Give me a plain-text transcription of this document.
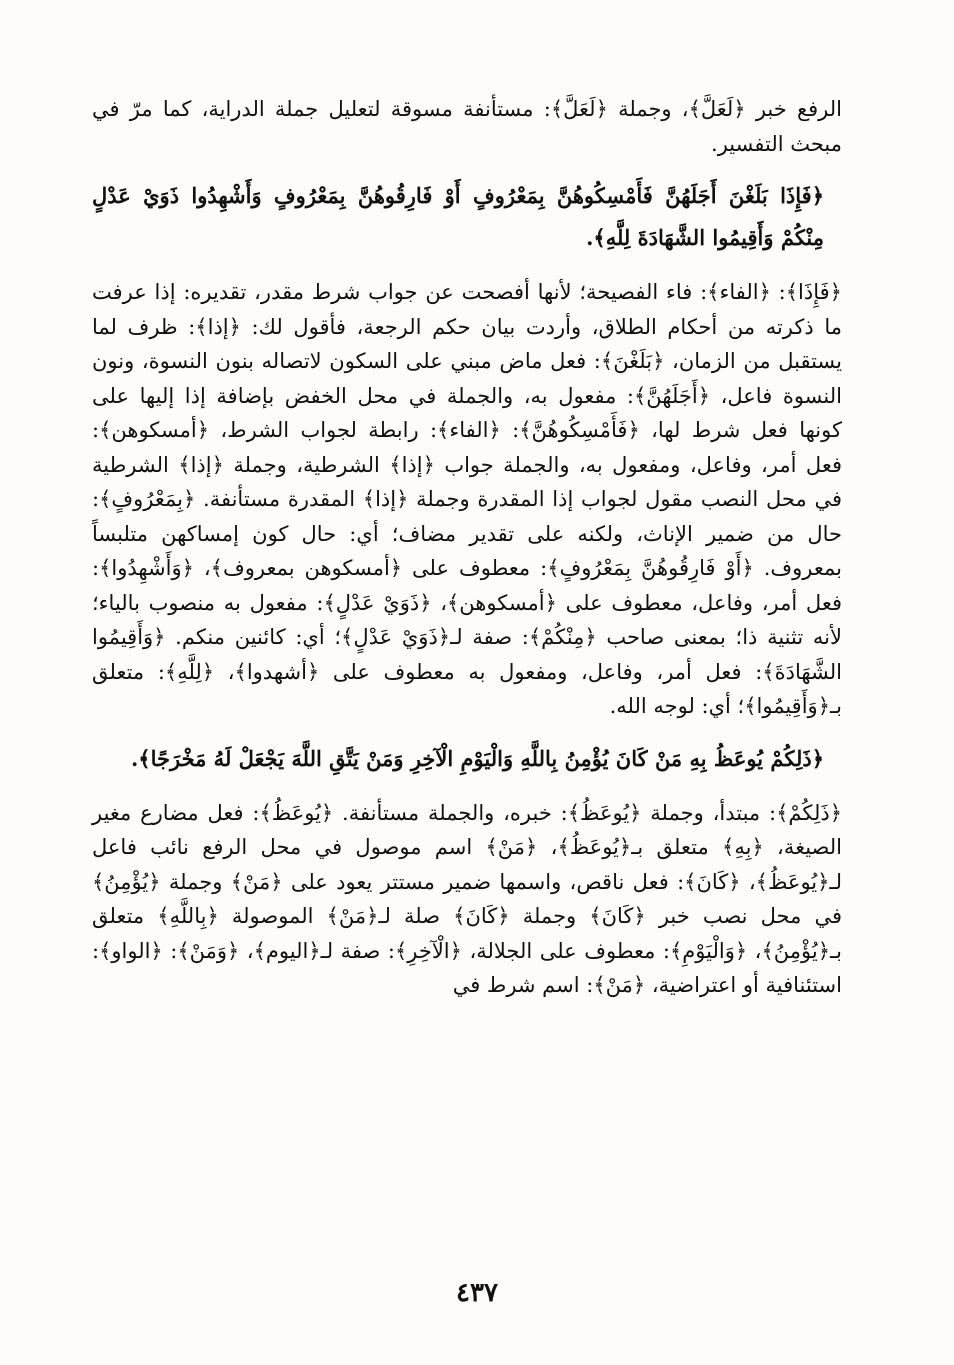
الرفع خبر ﴿لَعَلَّ﴾، وجملة ﴿لَعَلَّ﴾: مستأنفة مسوقة لتعليل جملة الدراية، كما مرّ في مبحث التفسير.

﴿فَإِذَا بَلَغْنَ أَجَلَهُنَّ فَأَمْسِكُوهُنَّ بِمَعْرُوفٍ أَوْ فَارِقُوهُنَّ بِمَعْرُوفٍ وَأَشْهِدُوا ذَوَيْ عَدْلٍ مِنْكُمْ وَأَقِيمُوا الشَّهَادَةَ لِلَّهِ﴾.

﴿فَإِذَا﴾: ﴿الفاء﴾: فاء الفصيحة؛ لأنها أفصحت عن جواب شرط مقدر، تقديره: إذا عرفت ما ذكرته من أحكام الطلاق، وأردت بيان حكم الرجعة، فأقول لك: ﴿إذا﴾: ظرف لما يستقبل من الزمان، ﴿بَلَغْنَ﴾: فعل ماض مبني على السكون لاتصاله بنون النسوة، ونون النسوة فاعل، ﴿أَجَلَهُنَّ﴾: مفعول به، والجملة في محل الخفض بإضافة إذا إليها على كونها فعل شرط لها، ﴿فَأَمْسِكُوهُنَّ﴾: ﴿الفاء﴾: رابطة لجواب الشرط، ﴿أمسكوهن﴾: فعل أمر، وفاعل، ومفعول به، والجملة جواب ﴿إذا﴾ الشرطية، وجملة ﴿إذا﴾ الشرطية في محل النصب مقول لجواب إذا المقدرة وجملة ﴿إذا﴾ المقدرة مستأنفة. ﴿بِمَعْرُوفٍ﴾: حال من ضمير الإناث، ولكنه على تقدير مضاف؛ أي: حال كون إمساكهن متلبساً بمعروف. ﴿أَوْ فَارِقُوهُنَّ بِمَعْرُوفٍ﴾: معطوف على ﴿أمسكوهن بمعروف﴾، ﴿وَأَشْهِدُوا﴾: فعل أمر، وفاعل، معطوف على ﴿أمسكوهن﴾، ﴿ذَوَيْ عَدْلٍ﴾: مفعول به منصوب بالياء؛ لأنه تثنية ذا؛ بمعنى صاحب ﴿مِنْكُمْ﴾: صفة لـ﴿ذَوَيْ عَدْلٍ﴾؛ أي: كائنين منكم. ﴿وَأَقِيمُوا الشَّهَادَةَ﴾: فعل أمر، وفاعل، ومفعول به معطوف على ﴿أشهدوا﴾، ﴿لِلَّهِ﴾: متعلق بـ﴿وَأَقِيمُوا﴾؛ أي: لوجه الله.

﴿ذَلِكُمْ يُوعَظُ بِهِ مَنْ كَانَ يُؤْمِنُ بِاللَّهِ وَالْيَوْمِ الْآخِرِ وَمَنْ يَتَّقِ اللَّهَ يَجْعَلْ لَهُ مَخْرَجًا﴾.

﴿ذَلِكُمْ﴾: مبتدأ، وجملة ﴿يُوعَظُ﴾: خبره، والجملة مستأنفة. ﴿يُوعَظُ﴾: فعل مضارع مغير الصيغة، ﴿بِهِ﴾ متعلق بـ﴿يُوعَظُ﴾، ﴿مَنْ﴾ اسم موصول في محل الرفع نائب فاعل لـ﴿يُوعَظُ﴾، ﴿كَانَ﴾: فعل ناقص، واسمها ضمير مستتر يعود على ﴿مَنْ﴾ وجملة ﴿يُؤْمِنُ﴾ في محل نصب خبر ﴿كَانَ﴾ وجملة ﴿كَانَ﴾ صلة لـ﴿مَنْ﴾ الموصولة ﴿بِاللَّهِ﴾ متعلق بـ﴿يُؤْمِنُ﴾، ﴿وَالْيَوْمِ﴾: معطوف على الجلالة، ﴿الْآخِرِ﴾: صفة لـ﴿اليوم﴾، ﴿وَمَنْ﴾: ﴿الواو﴾: استئنافية أو اعتراضية، ﴿مَنْ﴾: اسم شرط في

٤٣٧
